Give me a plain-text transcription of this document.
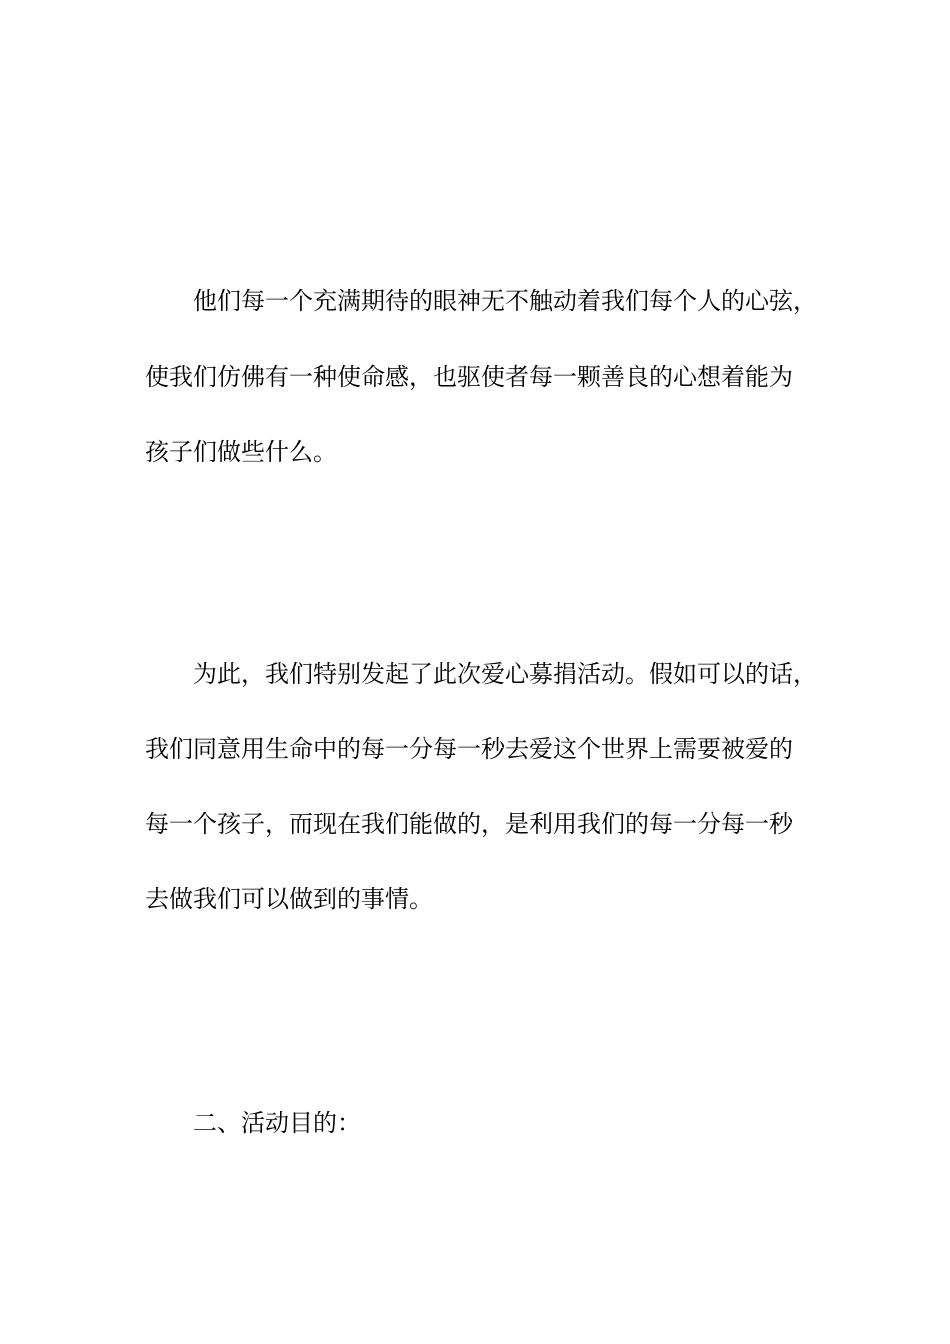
他们每一个充满期待的眼神无不触动着我们每个人的心弦，
使我们仿佛有一种使命感，也驱使者每一颗善良的心想着能为
孩子们做些什么。
为此，我们特别发起了此次爱心募捐活动。假如可以的话，
我们同意用生命中的每一分每一秒去爱这个世界上需要被爱的
每一个孩子，而现在我们能做的，是利用我们的每一分每一秒
去做我们可以做到的事情。
二、活动目的：
